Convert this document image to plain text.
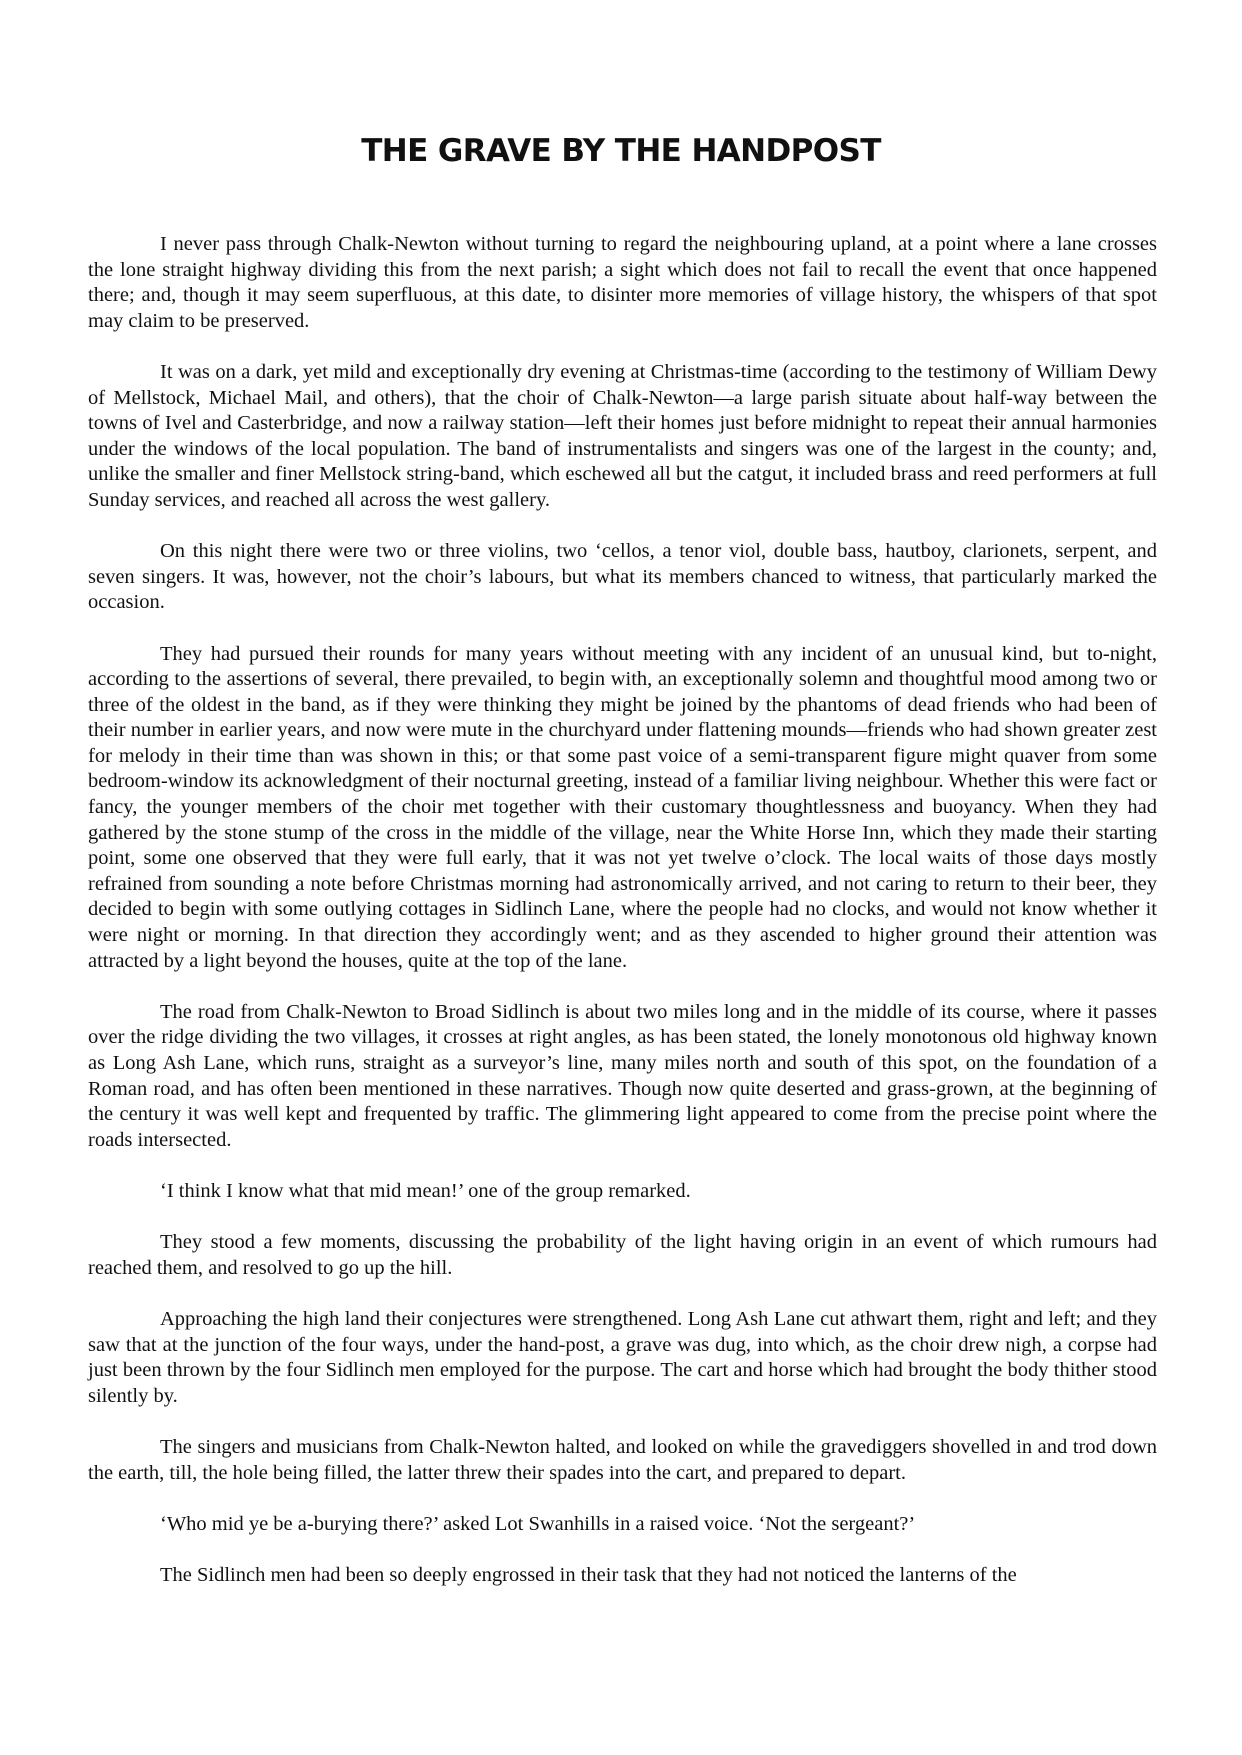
THE GRAVE BY THE HANDPOST

I never pass through Chalk-Newton without turning to regard the neighbouring upland, at a point where a lane crosses the lone straight highway dividing this from the next parish; a sight which does not fail to recall the event that once happened there; and, though it may seem superfluous, at this date, to disinter more memories of village history, the whispers of that spot may claim to be preserved.

It was on a dark, yet mild and exceptionally dry evening at Christmas-time (according to the testimony of William Dewy of Mellstock, Michael Mail, and others), that the choir of Chalk-Newton—a large parish situate about half-way between the towns of Ivel and Casterbridge, and now a railway station—left their homes just before midnight to repeat their annual harmonies under the windows of the local population. The band of instrumentalists and singers was one of the largest in the county; and, unlike the smaller and finer Mellstock string-band, which eschewed all but the catgut, it included brass and reed performers at full Sunday services, and reached all across the west gallery.

On this night there were two or three violins, two ‘cellos, a tenor viol, double bass, hautboy, clarionets, serpent, and seven singers. It was, however, not the choir’s labours, but what its members chanced to witness, that particularly marked the occasion.

They had pursued their rounds for many years without meeting with any incident of an unusual kind, but to-night, according to the assertions of several, there prevailed, to begin with, an exceptionally solemn and thoughtful mood among two or three of the oldest in the band, as if they were thinking they might be joined by the phantoms of dead friends who had been of their number in earlier years, and now were mute in the churchyard under flattening mounds—friends who had shown greater zest for melody in their time than was shown in this; or that some past voice of a semi-transparent figure might quaver from some bedroom-window its acknowledgment of their nocturnal greeting, instead of a familiar living neighbour. Whether this were fact or fancy, the younger members of the choir met together with their customary thoughtlessness and buoyancy. When they had gathered by the stone stump of the cross in the middle of the village, near the White Horse Inn, which they made their starting point, some one observed that they were full early, that it was not yet twelve o’clock. The local waits of those days mostly refrained from sounding a note before Christmas morning had astronomically arrived, and not caring to return to their beer, they decided to begin with some outlying cottages in Sidlinch Lane, where the people had no clocks, and would not know whether it were night or morning. In that direction they accordingly went; and as they ascended to higher ground their attention was attracted by a light beyond the houses, quite at the top of the lane.

The road from Chalk-Newton to Broad Sidlinch is about two miles long and in the middle of its course, where it passes over the ridge dividing the two villages, it crosses at right angles, as has been stated, the lonely monotonous old highway known as Long Ash Lane, which runs, straight as a surveyor’s line, many miles north and south of this spot, on the foundation of a Roman road, and has often been mentioned in these narratives. Though now quite deserted and grass-grown, at the beginning of the century it was well kept and frequented by traffic. The glimmering light appeared to come from the precise point where the roads intersected.

‘I think I know what that mid mean!’ one of the group remarked.

They stood a few moments, discussing the probability of the light having origin in an event of which rumours had reached them, and resolved to go up the hill.

Approaching the high land their conjectures were strengthened. Long Ash Lane cut athwart them, right and left; and they saw that at the junction of the four ways, under the hand-post, a grave was dug, into which, as the choir drew nigh, a corpse had just been thrown by the four Sidlinch men employed for the purpose. The cart and horse which had brought the body thither stood silently by.

The singers and musicians from Chalk-Newton halted, and looked on while the gravediggers shovelled in and trod down the earth, till, the hole being filled, the latter threw their spades into the cart, and prepared to depart.

‘Who mid ye be a-burying there?’ asked Lot Swanhills in a raised voice. ‘Not the sergeant?’

The Sidlinch men had been so deeply engrossed in their task that they had not noticed the lanterns of the
